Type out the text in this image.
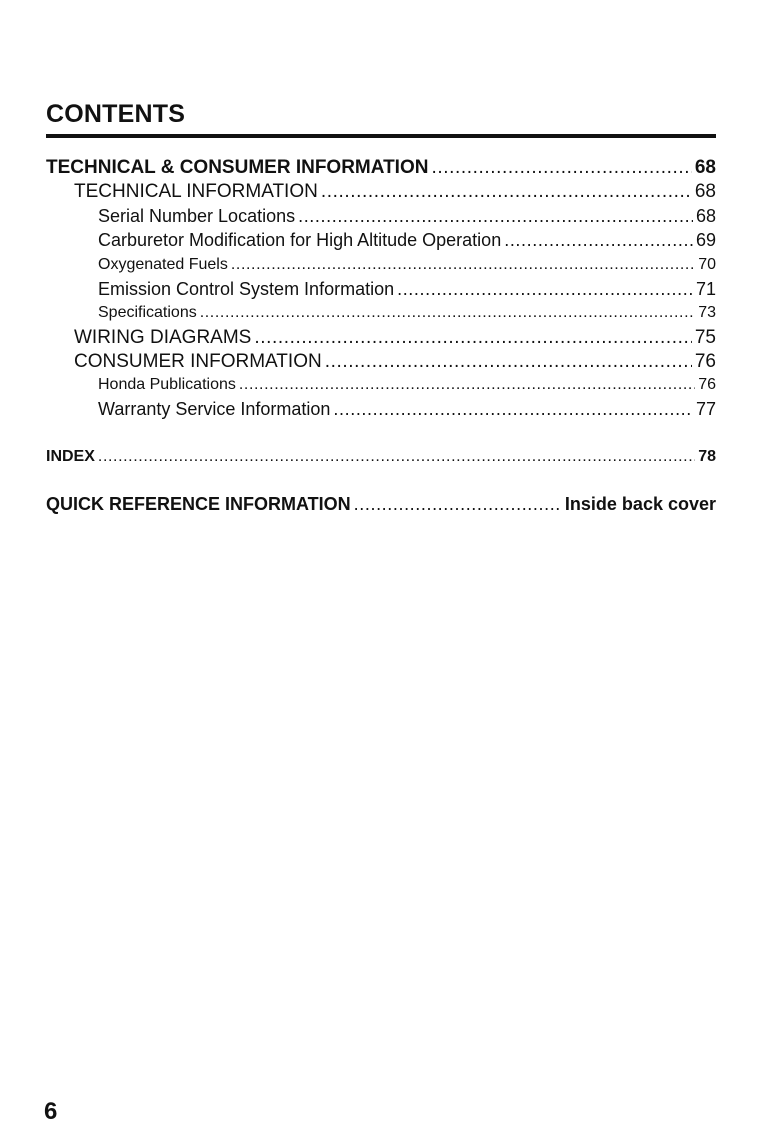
CONTENTS
TECHNICAL & CONSUMER INFORMATION .....	68
TECHNICAL INFORMATION .....	68
Serial Number Locations .....	68
Carburetor Modification for High Altitude Operation .....	69
Oxygenated Fuels .....	70
Emission Control System Information .....	71
Specifications .....	73
WIRING DIAGRAMS .....	75
CONSUMER INFORMATION .....	76
Honda Publications .....	76
Warranty Service Information .....	77
INDEX .....	78
QUICK REFERENCE INFORMATION .....	Inside back cover
6
